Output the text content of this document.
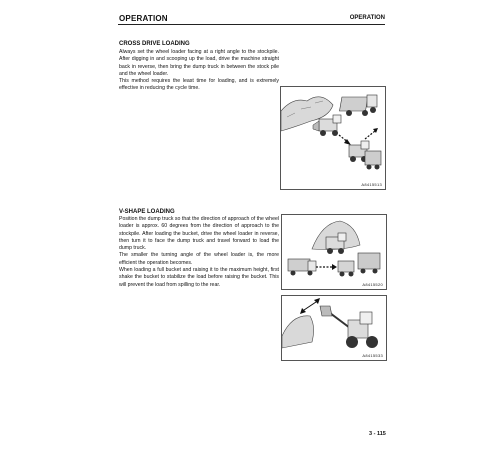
OPERATION	OPERATION
CROSS DRIVE LOADING

Always set the wheel loader facing at a right angle to the stockpile. After digging in and scooping up the load, drive the machine straight back in reverse, then bring the dump truck in between the stock pile and the wheel loader.

This method requires the least time for loading, and is extremely effective in reducing the cycle time.

A8415513
V-SHAPE LOADING

Position the dump truck so that the direction of approach of the wheel loader is approx. 60 degrees from the direction of approach to the stockpile. After loading the bucket, drive the wheel loader in reverse, then turn it to face the dump truck and travel forward to load the dump truck.

The smaller the turning angle of the wheel loader is, the more efficient the operation becomes.

When loading a full bucket and raising it to the maximum height, first shake the bucket to stabilize the load before raising the bucket. This will prevent the load from spilling to the rear.	A8415520
A8415533
3 - 115
